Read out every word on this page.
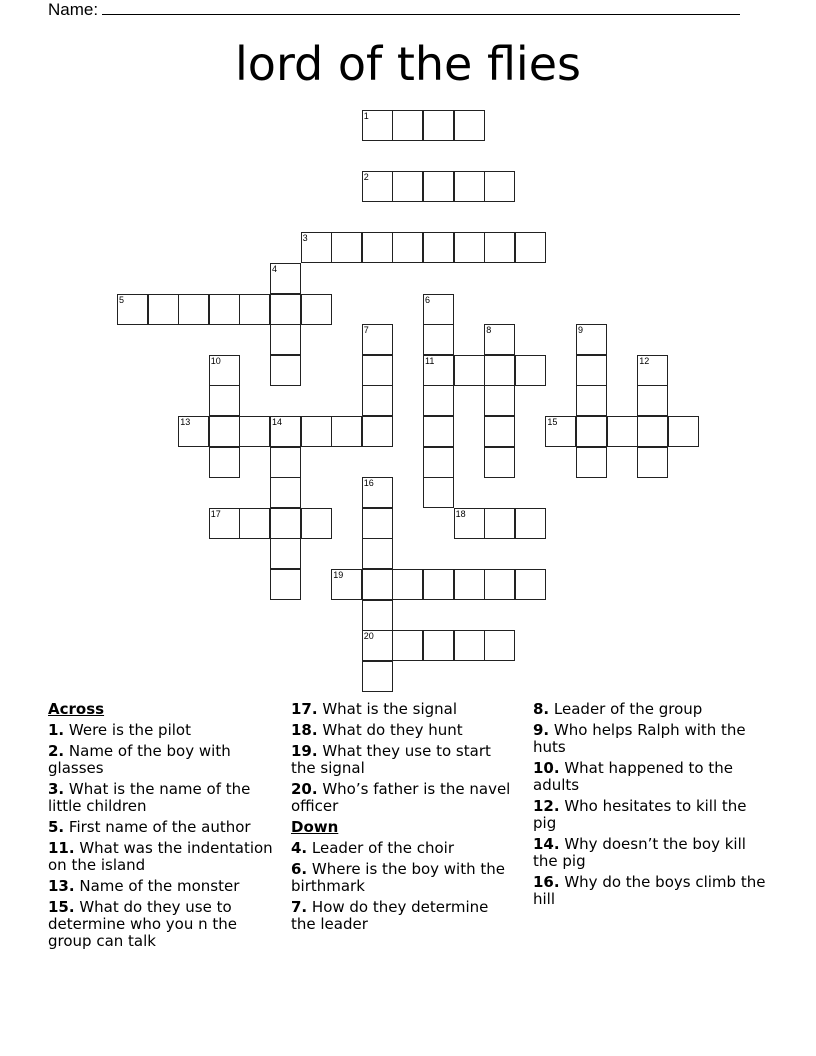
Name:
lord of the flies
1
2
3
4
5	6
7	8	9
10	11	12
13	14	15
16
17	18
19
20
Across
1. Were is the pilot
2. Name of the boy with glasses
3. What is the name of the little children
5. First name of the author
11. What was the indentation on the island
13. Name of the monster
15. What do they use to determine who you n the group can talk
17. What is the signal
18. What do they hunt
19. What they use to start the signal
20. Who’s father is the navel officer
Down
4. Leader of the choir
6. Where is the boy with the birthmark
7. How do they determine the leader
8. Leader of the group
9. Who helps Ralph with the huts
10. What happened to the adults
12. Who hesitates to kill the pig
14. Why doesn’t the boy kill the pig
16. Why do the boys climb the hill
